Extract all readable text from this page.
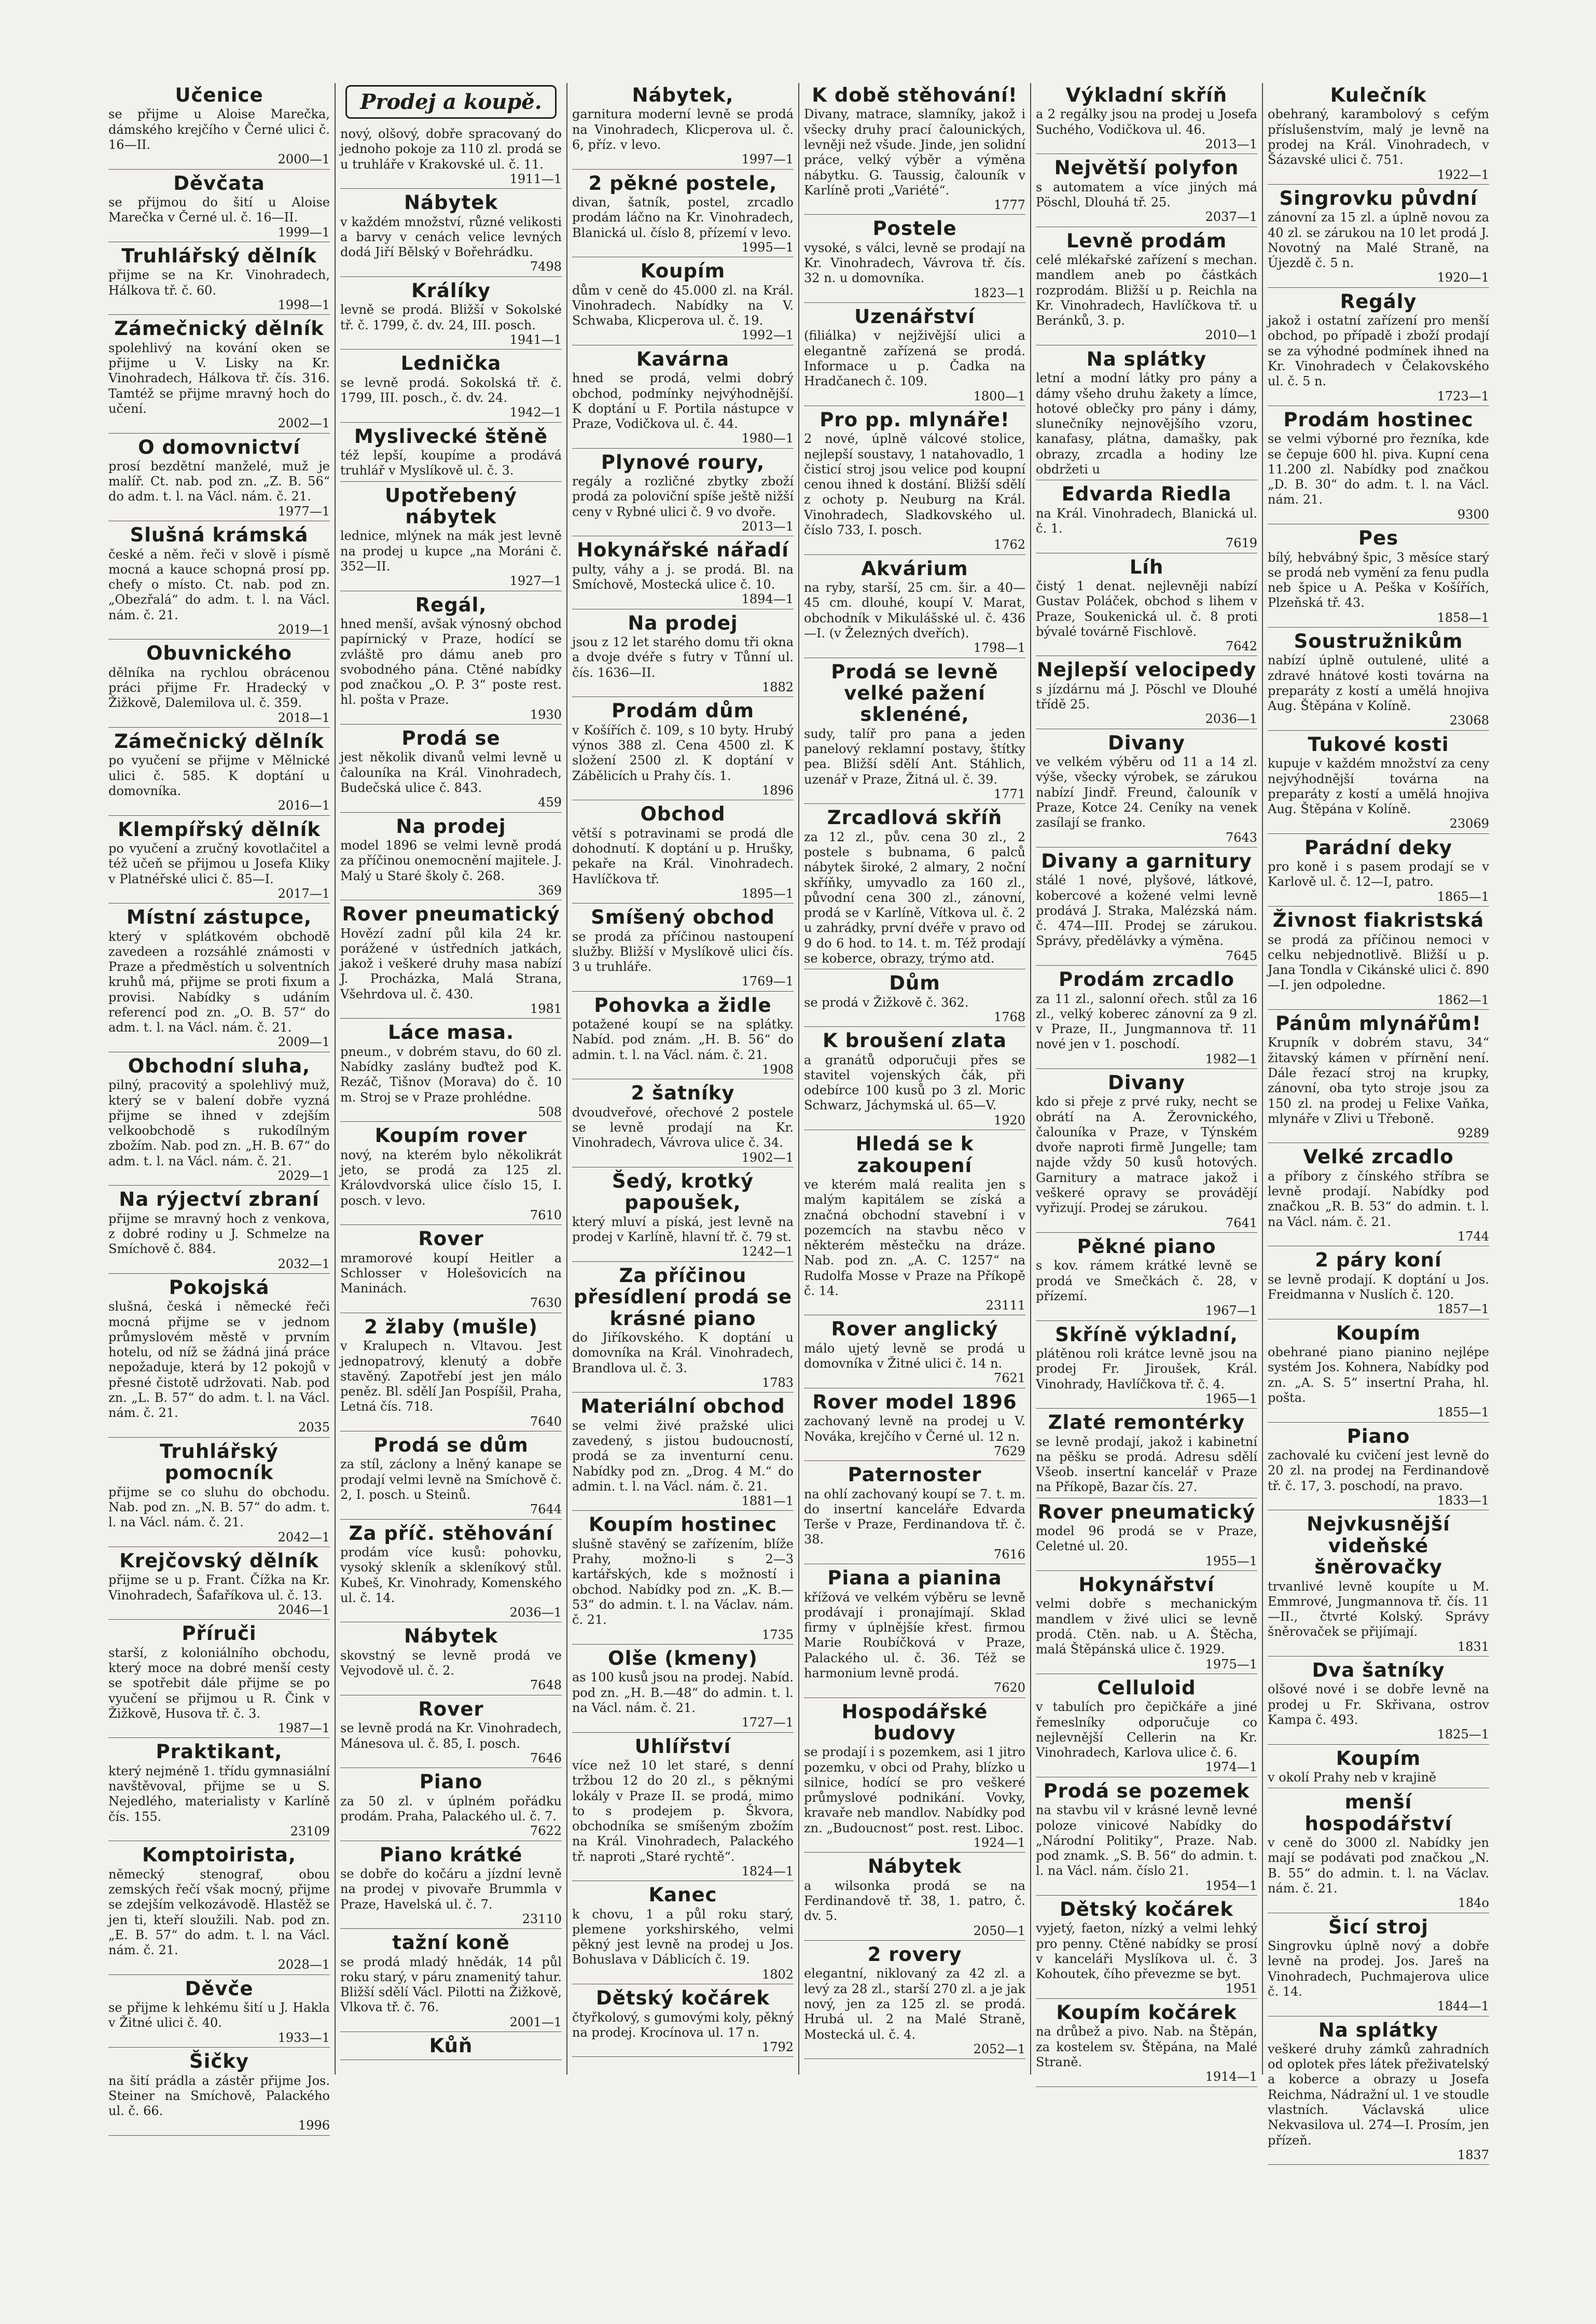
Učenice
se přijme u Aloise Marečka, dámského krejčího v Černé ulici č. 16—II.
2000—1
Děvčata
se přijmou do šití u Aloise Marečka v Černé ul. č. 16—II.
1999—1
Truhlářský dělník
přijme se na Kr. Vinohradech, Hálkova tř. č. 60.
1998—1
Zámečnický dělník
spolehlivý na kování oken se přijme u V. Lisky na Kr. Vinohradech, Hálkova tř. čís. 316. Tamtéž se přijme mravný hoch do učení.
2002—1
O domovnictví
prosí bezdětní manželé, muž je malíř. Ct. nab. pod zn. „Z. B. 56“ do adm. t. l. na Václ. nám. č. 21.
1977—1
Slušná krámská
české a něm. řeči v slově i písmě mocná a kauce schopná prosí pp. chefy o místo. Ct. nab. pod zn. „Obezřalá“ do adm. t. l. na Václ. nám. č. 21.
2019—1
Obuvnického
dělníka na rychlou obrácenou práci přijme Fr. Hradecký v Žižkově, Dalemilova ul. č. 359.
2018—1
Zámečnický dělník
po vyučení se přijme v Mělnické ulici č. 585. K doptání u domovníka.
2016—1
Klempířský dělník
po vyučení a zručný kovotlačitel a též učeň se přijmou u Josefa Kliky v Platnéřské ulici č. 85—I.
2017—1
Místní zástupce,
který v splátkovém obchodě zavedeen a rozsáhlé známosti v Praze a předměstích u solventních kruhů má, přijme se proti fixum a provisi. Nabídky s udáním referencí pod zn. „O. B. 57“ do adm. t. l. na Václ. nám. č. 21.
2009—1
Obchodní sluha,
pilný, pracovitý a spolehlivý muž, který se v balení dobře vyzná přijme se ihned v zdejším velkoobchodě s rukodílným zbožím. Nab. pod zn. „H. B. 67“ do adm. t. l. na Václ. nám. č. 21.
2029—1
Na rýjectví zbraní
přijme se mravný hoch z venkova, z dobré rodiny u J. Schmelze na Smíchově č. 884.
2032—1
Pokojská
slušná, česká i německé řeči mocná přijme se v jednom průmyslovém městě v prvním hotelu, od níž se žádná jiná práce nepožaduje, která by 12 pokojů v přesné čistotě udržovati. Nab. pod zn. „L. B. 57“ do adm. t. l. na Václ. nám. č. 21.
2035
Truhlářský pomocník
přijme se co sluhu do obchodu. Nab. pod zn. „N. B. 57“ do adm. t. l. na Václ. nám. č. 21.
2042—1
Krejčovský dělník
přijme se u p. Frant. Čížka na Kr. Vinohradech, Šafaříkova ul. č. 13.
2046—1
Příruči
starší, z koloniálního obchodu, který moce na dobré menší cesty se spotřebit dále přijme se po vyučení se přijmou u R. Čink v Žižkově, Husova tř. č. 3.
1987—1
Praktikant,
který nejméně 1. třídu gymnasiální navštěvoval, přijme se u S. Nejedlého, materialisty v Karlíně čís. 155.
23109
Komptoirista,
německý stenograf, obou zemských řečí však mocný, přijme se zdejším velkozávodě. Hlastěž se jen ti, kteří sloužili. Nab. pod zn. „E. B. 57“ do adm. t. l. na Václ. nám. č. 21.
2028—1
Děvče
se přijme k lehkému šití u J. Hakla v Žitné ulici č. 40.
1933—1
Šičky
na šití prádla a zástěr přijme Jos. Steiner na Smíchově, Palackého ul. č. 66.
1996
Prodej a koupě.
nový, olšový, dobře spracovaný do jednoho pokoje za 110 zl. prodá se u truhláře v Krakovské ul. č. 11.
1911—1
Nábytek
v každém množství, různé velikosti a barvy v cenách velice levných dodá Jiří Bělský v Bořehrádku.
7498
Králíky
levně se prodá. Bližší v Sokolské tř. č. 1799, č. dv. 24, III. posch.
1941—1
Lednička
se levně prodá. Sokolská tř. č. 1799, III. posch., č. dv. 24.
1942—1
Myslivecké štěně
též lepší, koupíme a prodává truhlář v Myslíkově ul. č. 3.
Upotřebený nábytek
lednice, mlýnek na mák jest levně na prodej u kupce „na Moráni č. 352—II.
1927—1
Regál,
hned menší, avšak výnosný obchod papírnický v Praze, hodící se zvláště pro dámu aneb pro svobodného pána. Ctěné nabídky pod značkou „O. P. 3“ poste rest. hl. pošta v Praze.
1930
Prodá se
jest několik divanů velmi levně u čalouníka na Král. Vinohradech, Budečská ulice č. 843.
459
Na prodej
model 1896 se velmi levně prodá za příčinou onemocnění majitele. J. Malý u Staré školy č. 268.
369
Rover pneumatický
Hovězí zadní půl kila 24 kr. porážené v ústředních jatkách, jakož i veškeré druhy masa nabízí J. Procházka, Malá Strana, Všehrdova ul. č. 430.
1981
Láce masa.
pneum., v dobrém stavu, do 60 zl. Nabídky zaslány buďtež pod K. Rezáč, Tišnov (Morava) do č. 10 m. Stroj se v Praze prohlédne.
508
Koupím rover
nový, na kterém bylo několikrát jeto, se prodá za 125 zl. Královdvorská ulice číslo 15, I. posch. v levo.
7610
Rover
mramorové koupí Heitler a Schlosser v Holešovicích na Maninách.
7630
2 žlaby (mušle)
v Kralupech n. Vltavou. Jest jednopatrový, klenutý a dobře stavěný. Zapotřebí jest jen málo peněz. Bl. sdělí Jan Pospíšil, Praha, Letná čís. 718.
7640
Prodá se dům
za stíl, záclony a lněný kanape se prodají velmi levně na Smíchově č. 2, I. posch. u Steinů.
7644
Za příč. stěhování
prodám více kusů: pohovku, vysoký skleník a skleníkový stůl. Kubeš, Kr. Vinohrady, Komenského ul. č. 14.
2036—1
Nábytek
skovstný se levně prodá ve Vejvodově ul. č. 2.
7648
Rover
se levně prodá na Kr. Vinohradech, Mánesova ul. č. 85, I. posch.
7646
Piano
za 50 zl. v úplném pořádku prodám. Praha, Palackého ul. č. 7.
7622
Piano krátké
se dobře do kočáru a jízdní levně na prodej v pivovaře Brummla v Praze, Havelská ul. č. 7.
23110
tažní koně
se prodá mladý hnědák, 14 půl roku starý, v páru znamenitý tahur. Bližší sdělí Václ. Pilotti na Žižkově, Vlkova tř. č. 76.
2001—1
Kůň
Nábytek,
garnitura moderní levně se prodá na Vinohradech, Klicperova ul. č. 6, příz. v levo.
1997—1
2 pěkné postele,
divan, šatník, postel, zrcadlo prodám láčno na Kr. Vinohradech, Blanická ul. číslo 8, přízemí v levo.
1995—1
Koupím
dům v ceně do 45.000 zl. na Král. Vinohradech. Nabídky na V. Schwaba, Klicperova ul. č. 19.
1992—1
Kavárna
hned se prodá, velmi dobrý obchod, podmínky nejvýhodnější. K doptání u F. Portila nástupce v Praze, Vodičkova ul. č. 44.
1980—1
Plynové roury,
regály a rozličné zbytky zboží prodá za poloviční spíše ještě nižší ceny v Rybné ulici č. 9 vo dvoře.
2013—1
Hokynářské nářadí
pulty, váhy a j. se prodá. Bl. na Smíchově, Mostecká ulice č. 10.
1894—1
Na prodej
jsou z 12 let starého domu tři okna a dvoje dvéře s futry v Tůnní ul. čís. 1636—II.
1882
Prodám dům
v Košířích č. 109, s 10 byty. Hrubý výnos 388 zl. Cena 4500 zl. K složení 2500 zl. K doptání v Zábělicích u Prahy čís. 1.
1896
Obchod
větší s potravinami se prodá dle dohodnutí. K doptání u p. Hrušky, pekaře na Král. Vinohradech. Havlíčkova tř.
1895—1
Smíšený obchod
se prodá za příčinou nastoupení služby. Bližší v Myslíkově ulici čís. 3 u truhláře.
1769—1
Pohovka a židle
potažené koupí se na splátky. Nabíd. pod znám. „H. B. 56“ do admin. t. l. na Václ. nám. č. 21.
1908
2 šatníky
dvoudveřové, ořechové 2 postele se levně prodají na Kr. Vinohradech, Vávrova ulice č. 34.
1902—1
Šedý, krotký papoušek,
který mluví a píská, jest levně na prodej v Karlíně, hlavní tř. č. 79 st.
1242—1
Za příčinou přesídlení prodá se krásné piano
do Jiříkovského. K doptání u domovníka na Král. Vinohradech, Brandlova ul. č. 3.
1783
Materiální obchod
se velmi živé pražské ulici zavedený, s jistou budoucností, prodá se za inventurní cenu. Nabídky pod zn. „Drog. 4 M.“ do admin. t. l. na Václ. nám. č. 21.
1881—1
Koupím hostinec
slušně stavěný se zařízením, blíže Prahy, možno-li s 2—3 kartářských, kde s možností i obchod. Nabídky pod zn. „K. B.—53“ do admin. t. l. na Václav. nám. č. 21.
1735
Olše (kmeny)
as 100 kusů jsou na prodej. Nabíd. pod zn. „H. B.—48“ do admin. t. l. na Václ. nám. č. 21.
1727—1
Uhlířství
více než 10 let staré, s denní tržbou 12 do 20 zl., s pěknými lokály v Praze II. se prodá, mimo to s prodejem p. Škvora, obchodníka se smíšeným zbožím na Král. Vinohradech, Palackého tř. naproti „Staré rychtě“.
1824—1
Kanec
k chovu, 1 a půl roku starý, plemene yorkshirského, velmi pěkný jest levně na prodej u Jos. Bohuslava v Dáblicích č. 19.
1802
Dětský kočárek
čtyřkolový, s gumovými koly, pěkný na prodej. Krocínova ul. 17 n.
1792
K době stěhování!
Divany, matrace, slamníky, jakož i všecky druhy prací čalounických, levněji než všude. Jinde, jen solidní práce, velký výběr a výměna nábytku. G. Taussig, čalouník v Karlíně proti „Variété“.
1777
Postele
vysoké, s válci, levně se prodají na Kr. Vinohradech, Vávrova tř. čís. 32 n. u domovníka.
1823—1
Uzenářství
(filiálka) v nejživější ulici a elegantně zařízená se prodá. Informace u p. Čadka na Hradčanech č. 109.
1800—1
Pro pp. mlynáře!
2 nové, úplně válcové stolice, nejlepší soustavy, 1 natahovadlo, 1 čisticí stroj jsou velice pod koupní cenou ihned k dostání. Bližší sdělí z ochoty p. Neuburg na Král. Vinohradech, Sladkovského ul. číslo 733, I. posch.
1762
Akvárium
na ryby, starší, 25 cm. šir. a 40—45 cm. dlouhé, koupí V. Marat, obchodník v Mikulášské ul. č. 436—I. (v Železných dveřích).
1798—1
Prodá se levně velké pažení sklenéné,
sudy, talíř pro pana a jeden panelový reklamní postavy, štítky pea. Bližší sdělí Ant. Stáhlich, uzenář v Praze, Žitná ul. č. 39.
1771
Zrcadlová skříň
za 12 zl., pův. cena 30 zl., 2 postele s bubnama, 6 palců nábytek široké, 2 almary, 2 noční skříňky, umyvadlo za 160 zl., původní cena 300 zl., zánovní, prodá se v Karlíně, Vítkova ul. č. 2 u zahrádky, první dvéře v pravo od 9 do 6 hod. to 14. t. m. Též prodají se koberce, obrazy, trýmo atd.
Dům
se prodá v Žižkově č. 362.
1768
K broušení zlata
a granátů odporučuji přes se stavitel vojenských čák, při odebírce 100 kusů po 3 zl. Moric Schwarz, Jáchymská ul. 65—V.
1920
Hledá se k zakoupení
ve kterém malá realita jen s malým kapitálem se získá a značná obchodní stavební i v pozemcích na stavbu něco v některém městečku na dráze. Nab. pod zn. „A. C. 1257“ na Rudolfa Mosse v Praze na Příkopě č. 14.
23111
Rover anglický
málo ujetý levně se prodá u domovníka v Žitné ulici č. 14 n.
7621
Rover model 1896
zachovaný levně na prodej u V. Nováka, krejčího v Černé ul. 12 n.
7629
Paternoster
na ohlí zachovaný koupí se 7. t. m. do insertní kanceláře Edvarda Terše v Praze, Ferdinandova tř. č. 38.
7616
Piana a pianina
křížová ve velkém výběru se levně prodávají i pronajímají. Sklad firmy v úplnějšíe křest. firmou Marie Roubíčková v Praze, Palackého ul. č. 36. Též se harmonium levně prodá.
7620
Hospodářské budovy
se prodají i s pozemkem, asi 1 jitro pozemku, v obci od Prahy, blízko u silnice, hodící se pro veškeré průmyslové podnikání. Vovky, kravaře neb mandlov. Nabídky pod zn. „Budoucnost“ post. rest. Liboc.
1924—1
Nábytek
a wilsonka prodá se na Ferdinandově tř. 38, 1. patro, č. dv. 5.
2050—1
2 rovery
elegantní, niklovaný za 42 zl. a levý za 28 zl., starší 270 zl. a je jak nový, jen za 125 zl. se prodá. Hrubá ul. 2 na Malé Straně, Mostecká ul. č. 4.
2052—1
Výkladní skříň
a 2 regálky jsou na prodej u Josefa Suchého, Vodičkova ul. 46.
2013—1
Největší polyfon
s automatem a více jiných má Pöschl, Dlouhá tř. 25.
2037—1
Levně prodám
celé mlékařské zařízení s mechan. mandlem aneb po částkách rozprodám. Bližší u p. Reichla na Kr. Vinohradech, Havlíčkova tř. u Beránků, 3. p.
2010—1
Na splátky
letní a modní látky pro pány a dámy všeho druhu žakety a límce, hotové oblečky pro pány i dámy, slunečníky nejnovějšího vzoru, kanafasy, plátna, damašky, pak obrazy, zrcadla a hodiny lze obdržeti u
Edvarda Riedla
na Král. Vinohradech, Blanická ul. č. 1.
7619
Líh
čistý 1 denat. nejlevněji nabízí Gustav Poláček, obchod s lihem v Praze, Soukenická ul. č. 8 proti bývalé továrně Fischlově.
7642
Nejlepší velocipedy
s jízdárnu má J. Pöschl ve Dlouhé třídě 25.
2036—1
Divany
ve velkém výběru od 11 a 14 zl. výše, všecky výrobek, se zárukou nabízí Jindř. Freund, čalouník v Praze, Kotce 24. Ceníky na venek zasílají se franko.
7643
Divany a garnitury
stálé 1 nové, plyšové, látkové, kobercové a kožené velmi levně prodává J. Straka, Malézská nám. č. 474—III. Prodej se zárukou. Správy, předělávky a výměna.
7645
Prodám zrcadlo
za 11 zl., salonní ořech. stůl za 16 zl., velký koberec zánovní za 9 zl. v Praze, II., Jungmannova tř. 11 nové jen v 1. poschodí.
1982—1
Divany
kdo si přeje z prvé ruky, necht se obrátí na A. Žerovnického, čalouníka v Praze, v Týnském dvoře naproti firmě Jungelle; tam najde vždy 50 kusů hotových. Garnitury a matrace jakož i veškeré opravy se provádějí vyřizují. Prodej se zárukou.
7641
Pěkné piano
s kov. rámem krátké levně se prodá ve Smečkách č. 28, v přízemí.
1967—1
Skříně výkladní,
plátěnou roli krátce levně jsou na prodej Fr. Jiroušek, Král. Vinohrady, Havlíčkova tř. č. 4.
1965—1
Zlaté remontérky
se levně prodají, jakož i kabinetní na pěšku se prodá. Adresu sdělí Všeob. insertní kancelář v Praze na Příkopě, Bazar čís. 27.
Rover pneumatický
model 96 prodá se v Praze, Celetné ul. 20.
1955—1
Hokynářství
velmi dobře s mechanickým mandlem v živé ulici se levně prodá. Ctěn. nab. u A. Štěcha, malá Štěpánská ulice č. 1929.
1975—1
Celluloid
v tabulích pro čepičkáře a jiné řemeslníky odporučuje co nejlevnější Cellerin na Kr. Vinohradech, Karlova ulice č. 6.
1974—1
Prodá se pozemek
na stavbu vil v krásné levně levné poloze vinicové Nabídky do „Národní Politiky“, Praze. Nab. pod znamk. „S. B. 56“ do admin. t. l. na Václ. nám. číslo 21.
1954—1
Dětský kočárek
vyjetý, faeton, nízký a velmi lehký pro penny. Ctěné nabídky se prosí v kanceláři Myslíkova ul. č. 3 Kohoutek, čího převezme se byt.
1951
Koupím kočárek
na drůbež a pivo. Nab. na Štěpán, za kostelem sv. Štěpána, na Malé Straně.
1914—1
Kulečník
obehraný, karambolový s cefým příslušenstvím, malý je levně na prodej na Král. Vinohradech, v Šázavské ulici č. 751.
1922—1
Singrovku půvdní
zánovní za 15 zl. a úplně novou za 40 zl. se zárukou na 10 let prodá J. Novotný na Malé Straně, na Újezdě č. 5 n.
1920—1
Regály
jakož i ostatní zařízení pro menší obchod, po případě i zboží prodají se za výhodné podmínek ihned na Kr. Vinohradech v Čelakovského ul. č. 5 n.
1723—1
Prodám hostinec
se velmi výborné pro řezníka, kde se čepuje 600 hl. piva. Kupní cena 11.200 zl. Nabídky pod značkou „D. B. 30“ do adm. t. l. na Václ. nám. 21.
9300
Pes
bílý, hebvábný špic, 3 měsíce starý se prodá neb vymění za fenu pudla neb špice u A. Peška v Košířích, Plzeňská tř. 43.
1858—1
Soustružnikům
nabízí úplně outulené, ulité a zdravé hnátové kosti továrna na preparáty z kostí a umělá hnojiva Aug. Štěpána v Kolíně.
23068
Tukové kosti
kupuje v každém množství za ceny nejvýhodnější továrna na preparáty z kostí a umělá hnojiva Aug. Štěpána v Kolíně.
23069
Parádní deky
pro koně i s pasem prodají se v Karlově ul. č. 12—I, patro.
1865—1
Živnost fiakristská
se prodá za příčinou nemoci v celku nebjednotlivě. Bližší u p. Jana Tondla v Cikánské ulici č. 890—I. jen odpoledne.
1862—1
Pánům mlynářům!
Krupník v dobrém stavu, 34“ žitavský kámen v přírnění není. Dále řezací stroj na krupky, zánovní, oba tyto stroje jsou za 150 zl. na prodej u Felixe Vaňka, mlynáře v Zlivi u Třeboně.
9289
Velké zrcadlo
a příbory z čínského stříbra se levně prodají. Nabídky pod značkou „R. B. 53“ do admin. t. l. na Václ. nám. č. 21.
1744
2 páry koní
se levně prodají. K doptání u Jos. Freidmanna v Nuslích č. 120.
1857—1
Koupím
obehrané piano pianino nejlépe systém Jos. Kohnera, Nabídky pod zn. „A. S. 5“ insertní Praha, hl. pošta.
1855—1
Piano
zachovalé ku cvičení jest levně do 20 zl. na prodej na Ferdinandově tř. č. 17, 3. poschodí, na pravo.
1833—1
Nejvkusnější videňské šněrovačky
trvanlivé levně koupíte u M. Emmrové, Jungmannova tř. čís. 11—II., čtvrté Kolský. Správy šněrovaček se přijímají.
1831
Dva šatníky
olšové nové i se dobře levně na prodej u Fr. Skřivana, ostrov Kampa č. 493.
1825—1
Koupím
v okolí Prahy neb v krajině
menší hospodářství
v ceně do 3000 zl. Nabídky jen mají se podávati pod značkou „N. B. 55“ do admin. t. l. na Václav. nám. č. 21.
184o
Šicí stroj
Singrovku úplně nový a dobře levně na prodej. Jos. Jareš na Vinohradech, Puchmajerova ulice č. 14.
1844—1
Na splátky
veškeré druhy zámků zahradních od oplotek přes látek přeživatelský a koberce a obrazy u Josefa Reichma, Nádražní ul. 1 ve stoudle vlastních. Václavská ulice Nekvasilova ul. 274—I. Prosím, jen přízeň.
1837
